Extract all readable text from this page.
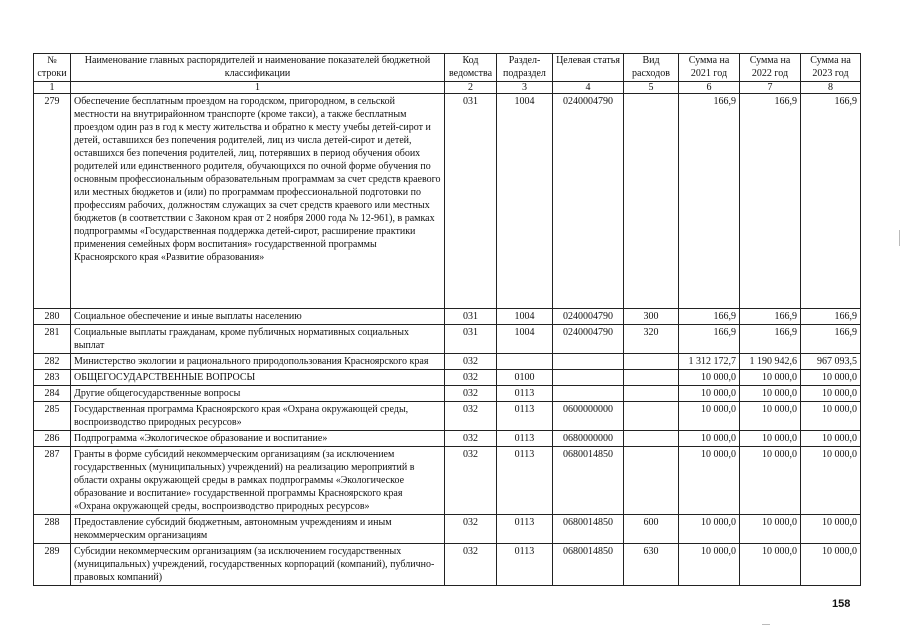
№ строки	Наименование главных распорядителей и наименование показателей бюджетной классификации	Код ведомства	Раздел-подраздел	Целевая статья	Вид расходов	Сумма на 2021 год	Сумма на 2022 год	Сумма на 2023 год
1	1	2	3	4	5	6	7	8
279	Обеспечение бесплатным проездом на городском, пригородном, в сельской местности на внутрирайонном транспорте (кроме такси), а также бесплатным проездом один раз в год к месту жительства и обратно к месту учебы детей-сирот и детей, оставшихся без попечения родителей, лиц из числа детей-сирот и детей, оставшихся без попечения родителей, лиц, потерявших в период обучения обоих родителей или единственного родителя, обучающихся по очной форме обучения по основным профессиональным образовательным программам за счет средств краевого или местных бюджетов и (или) по программам профессиональной подготовки по профессиям рабочих, должностям служащих за счет средств краевого или местных бюджетов (в соответствии с Законом края от 2 ноября 2000 года № 12-961), в рамках подпрограммы «Государственная поддержка детей-сирот, расширение практики применения семейных форм воспитания» государственной программы Красноярского края «Развитие образования»	031	1004	0240004790		166,9	166,9	166,9
280	Социальное обеспечение и иные выплаты населению	031	1004	0240004790	300	166,9	166,9	166,9
281	Социальные выплаты гражданам, кроме публичных нормативных социальных выплат	031	1004	0240004790	320	166,9	166,9	166,9
282	Министерство экологии и рационального природопользования Красноярского края	032				1 312 172,7	1 190 942,6	967 093,5
283	ОБЩЕГОСУДАРСТВЕННЫЕ ВОПРОСЫ	032	0100			10 000,0	10 000,0	10 000,0
284	Другие общегосударственные вопросы	032	0113			10 000,0	10 000,0	10 000,0
285	Государственная программа Красноярского края «Охрана окружающей среды, воспроизводство природных ресурсов»	032	0113	0600000000		10 000,0	10 000,0	10 000,0
286	Подпрограмма «Экологическое образование и воспитание»	032	0113	0680000000		10 000,0	10 000,0	10 000,0
287	Гранты в форме субсидий некоммерческим организациям (за исключением государственных (муниципальных) учреждений) на реализацию мероприятий в области охраны окружающей среды в рамках подпрограммы «Экологическое образование и воспитание» государственной программы Красноярского края «Охрана окружающей среды, воспроизводство природных ресурсов»	032	0113	0680014850		10 000,0	10 000,0	10 000,0
288	Предоставление субсидий бюджетным, автономным учреждениям и иным некоммерческим организациям	032	0113	0680014850	600	10 000,0	10 000,0	10 000,0
289	Субсидии некоммерческим организациям (за исключением государственных (муниципальных) учреждений, государственных корпораций (компаний), публично-правовых компаний)	032	0113	0680014850	630	10 000,0	10 000,0	10 000,0
158
